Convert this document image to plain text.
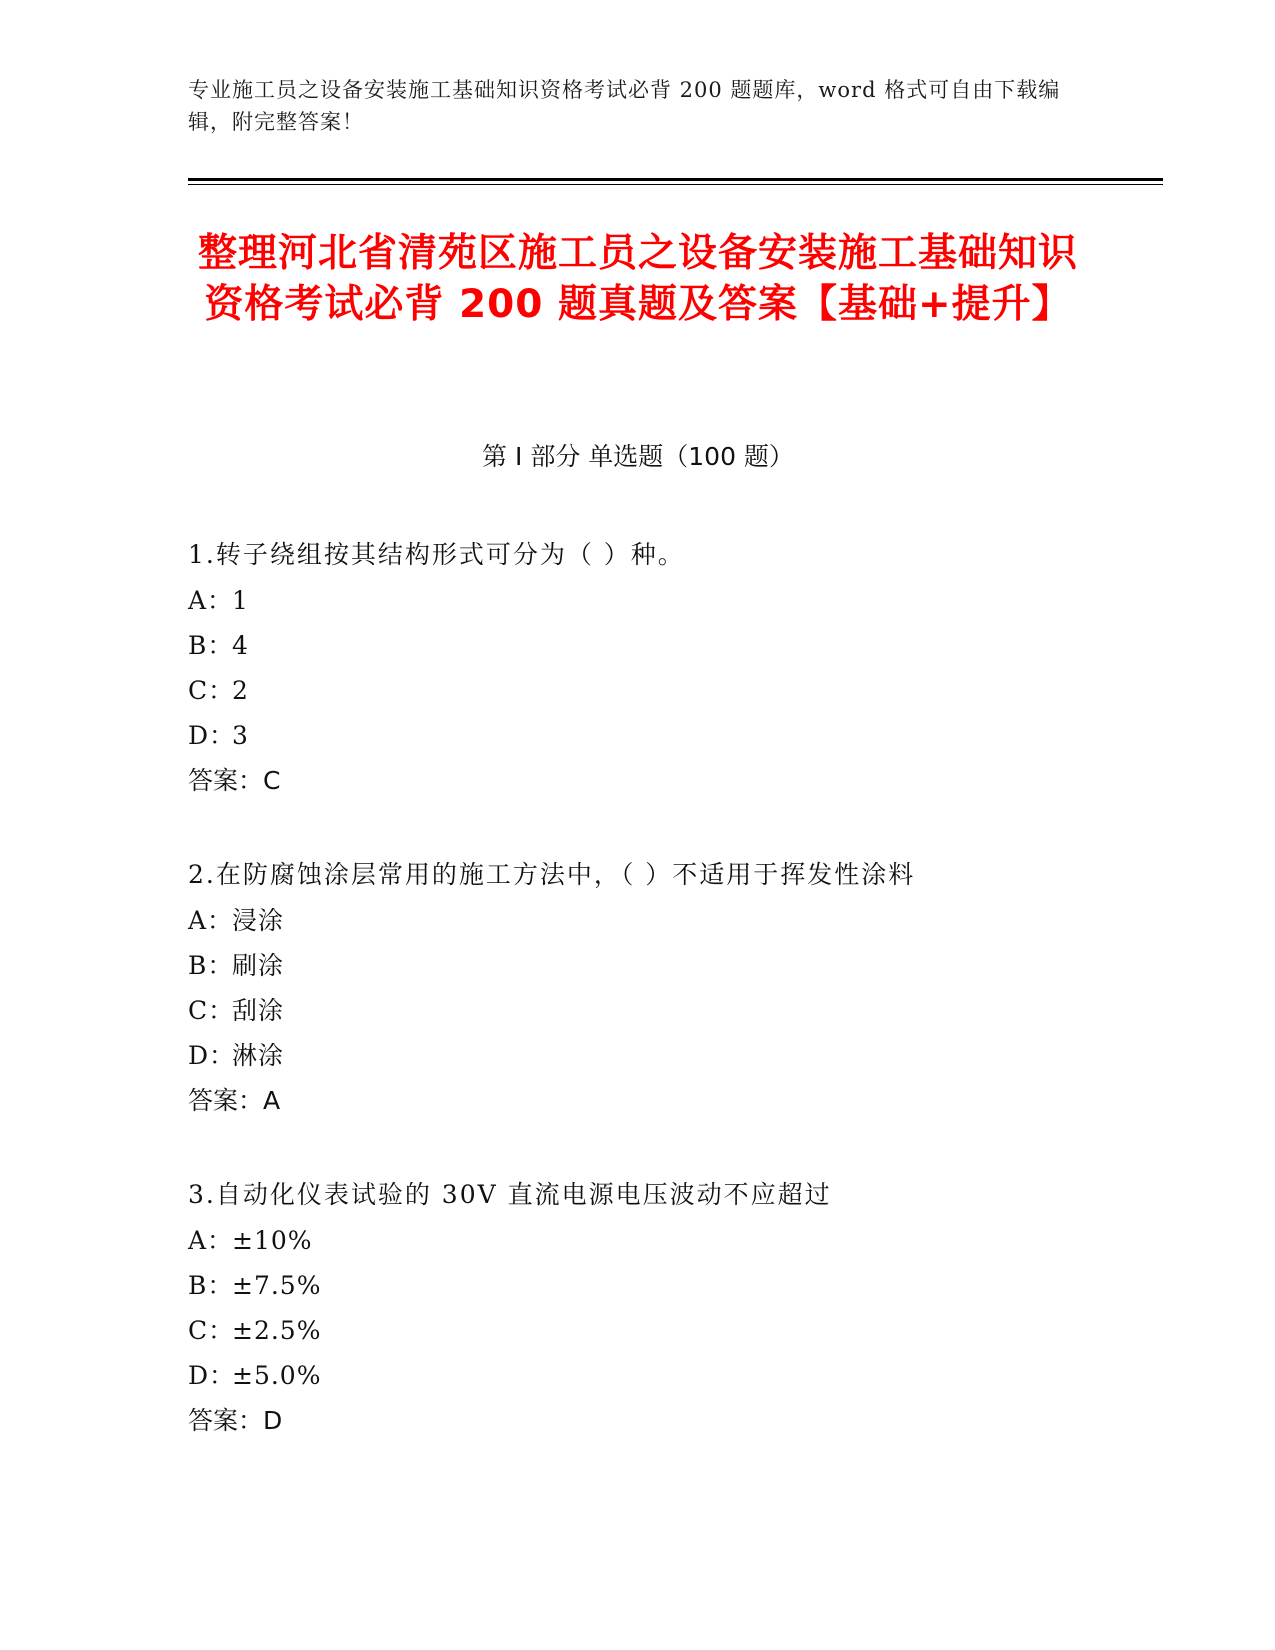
专业施工员之设备安装施工基础知识资格考试必背 200 题题库，word 格式可自由下载编辑，附完整答案！

整理河北省清苑区施工员之设备安装施工基础知识资格考试必背 200 题真题及答案【基础+提升】
第 I 部分 单选题（100 题）

1.转子绕组按其结构形式可分为（ ）种。

A：1
B：4
C：2
D：3

答案：C

2.在防腐蚀涂层常用的施工方法中，（ ）不适用于挥发性涂料

A：浸涂
B：刷涂
C：刮涂
D：淋涂

答案：A

3.自动化仪表试验的 30V 直流电源电压波动不应超过

A：±10%
B：±7.5%
C：±2.5%
D：±5.0%

答案：D
